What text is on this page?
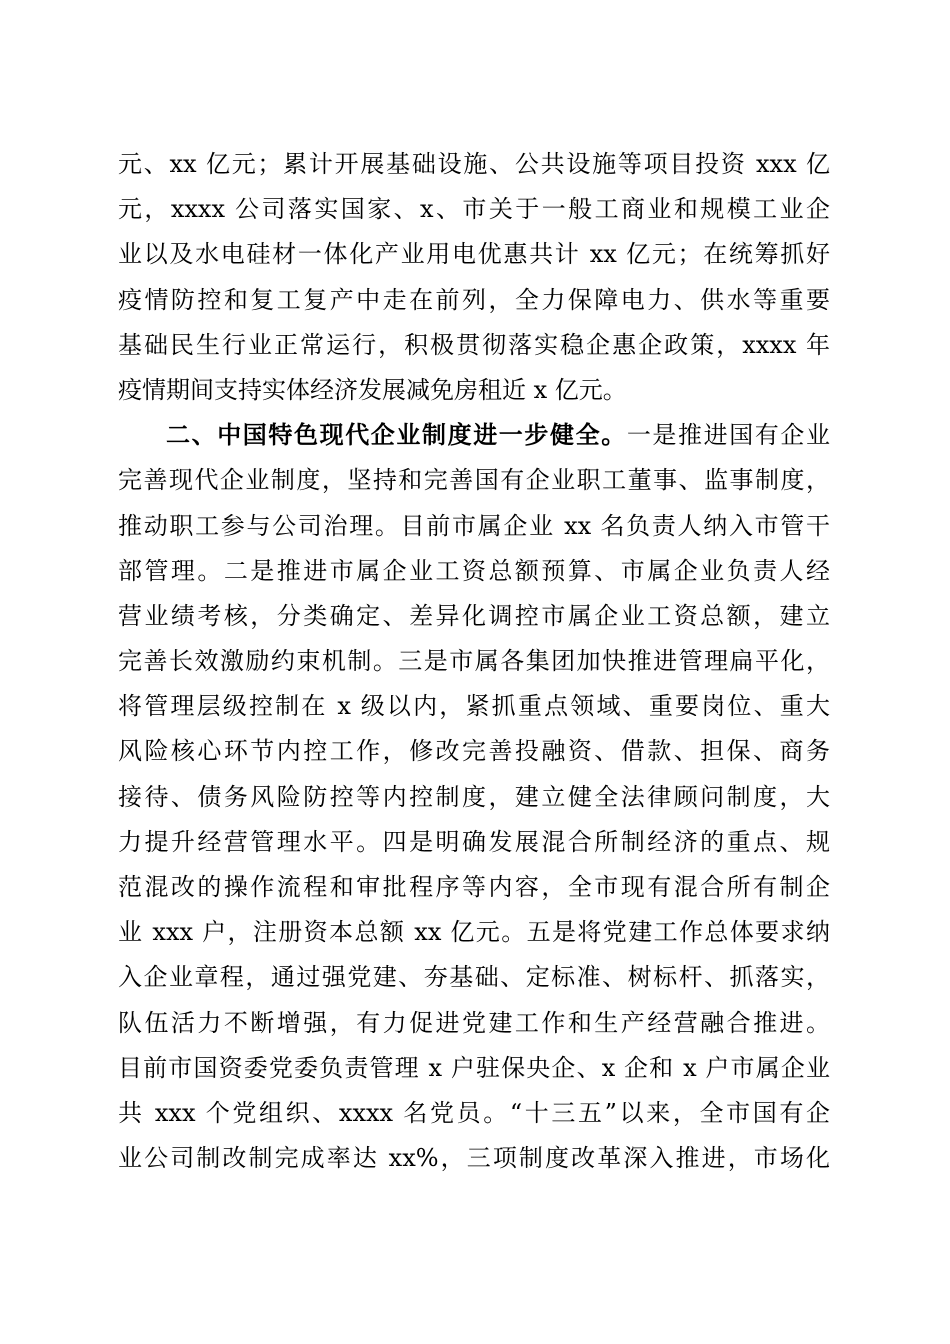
元、xx 亿元；累计开展基础设施、公共设施等项目投资 xxx 亿
元，xxxx 公司落实国家、x、市关于一般工商业和规模工业企
业以及水电硅材一体化产业用电优惠共计 xx 亿元；在统筹抓好
疫情防控和复工复产中走在前列，全力保障电力、供水等重要
基础民生行业正常运行，积极贯彻落实稳企惠企政策，xxxx 年
疫情期间支持实体经济发展减免房租近 x 亿元。
二、中国特色现代企业制度进一步健全。一是推进国有企业
完善现代企业制度，坚持和完善国有企业职工董事、监事制度，
推动职工参与公司治理。目前市属企业 xx 名负责人纳入市管干
部管理。二是推进市属企业工资总额预算、市属企业负责人经
营业绩考核，分类确定、差异化调控市属企业工资总额，建立
完善长效激励约束机制。三是市属各集团加快推进管理扁平化，
将管理层级控制在 x 级以内，紧抓重点领域、重要岗位、重大
风险核心环节内控工作，修改完善投融资、借款、担保、商务
接待、债务风险防控等内控制度，建立健全法律顾问制度，大
力提升经营管理水平。四是明确发展混合所制经济的重点、规
范混改的操作流程和审批程序等内容，全市现有混合所有制企
业 xxx 户，注册资本总额 xx 亿元。五是将党建工作总体要求纳
入企业章程，通过强党建、夯基础、定标准、树标杆、抓落实，
队伍活力不断增强，有力促进党建工作和生产经营融合推进。
目前市国资委党委负责管理 x 户驻保央企、x 企和 x 户市属企业
共 xxx 个党组织、xxxx 名党员。“十三五”以来，全市国有企
业公司制改制完成率达 xx%，三项制度改革深入推进，市场化
